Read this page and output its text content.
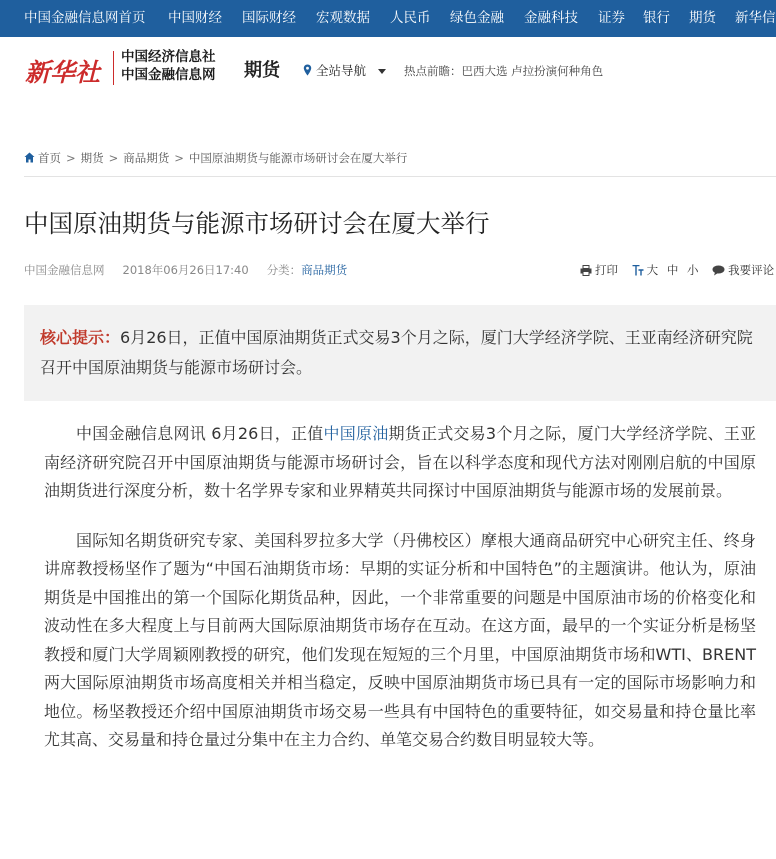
中国金融信息网首页 中国财经 国际财经 宏观数据 人民币 绿色金融 金融科技 证券 银行 期货 新华信
新华社
中国经济信息社
中国金融信息网 期货	全站导航	热点前瞻：巴西大选 卢拉扮演何种角色
首页 > 期货 > 商品期货 > 中国原油期货与能源市场研讨会在厦大举行
中国原油期货与能源市场研讨会在厦大举行
中国金融信息网 2018年06月26日17:40 分类：商品期货	打印 大 中 小	我要评论

核心提示：6月26日，正值中国原油期货正式交易3个月之际，厦门大学经济学院、王亚南经济研究院召开中国原油期货与能源市场研讨会。

中国金融信息网讯 6月26日，正值中国原油期货正式交易3个月之际，厦门大学经济学院、王亚南经济研究院召开中国原油期货与能源市场研讨会，旨在以科学态度和现代方法对刚刚启航的中国原油期货进行深度分析，数十名学界专家和业界精英共同探讨中国原油期货与能源市场的发展前景。

国际知名期货研究专家、美国科罗拉多大学（丹佛校区）摩根大通商品研究中心研究主任、终身讲席教授杨坚作了题为“中国石油期货市场：早期的实证分析和中国特色”的主题演讲。他认为，原油期货是中国推出的第一个国际化期货品种，因此，一个非常重要的问题是中国原油市场的价格变化和波动性在多大程度上与目前两大国际原油期货市场存在互动。在这方面，最早的一个实证分析是杨坚教授和厦门大学周颖刚教授的研究，他们发现在短短的三个月里，中国原油期货市场和WTI、BRENT两大国际原油期货市场高度相关并相当稳定，反映中国原油期货市场已具有一定的国际市场影响力和地位。杨坚教授还介绍中国原油期货市场交易一些具有中国特色的重要特征，如交易量和持仓量比率尤其高、交易量和持仓量过分集中在主力合约、单笔交易合约数目明显较大等。
